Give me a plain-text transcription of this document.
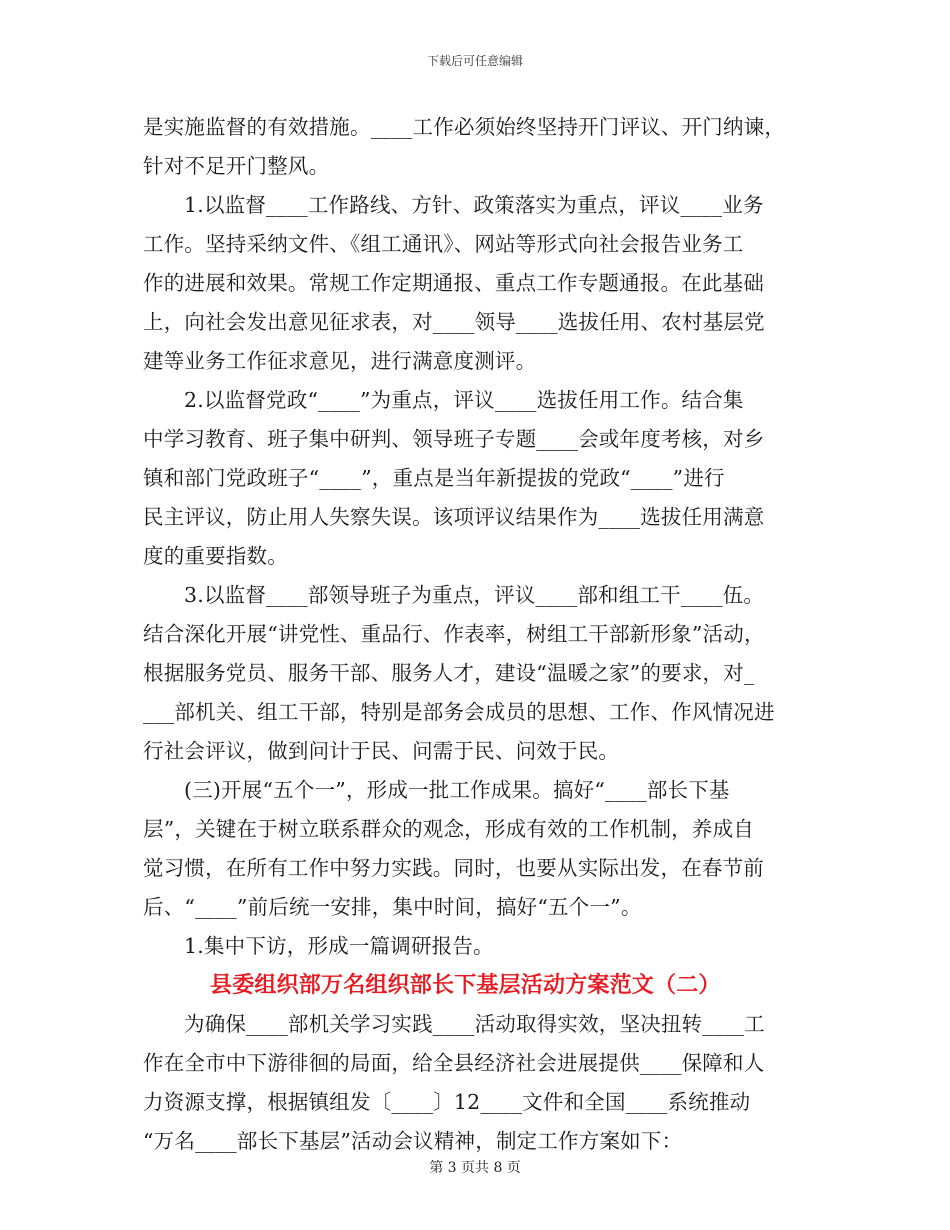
下载后可任意编辑
是实施监督的有效措施。____工作必须始终坚持开门评议、开门纳谏，
针对不足开门整风。
1.以监督____工作路线、方针、政策落实为重点，评议____业务
工作。坚持采纳文件、《组工通讯》、网站等形式向社会报告业务工
作的进展和效果。常规工作定期通报、重点工作专题通报。在此基础
上，向社会发出意见征求表，对____领导____选拔任用、农村基层党
建等业务工作征求意见，进行满意度测评。
2.以监督党政“____”为重点，评议____选拔任用工作。结合集
中学习教育、班子集中研判、领导班子专题____会或年度考核，对乡
镇和部门党政班子“____”，重点是当年新提拔的党政“____”进行
民主评议，防止用人失察失误。该项评议结果作为____选拔任用满意
度的重要指数。
3.以监督____部领导班子为重点，评议____部和组工干____伍。
结合深化开展“讲党性、重品行、作表率，树组工干部新形象”活动，
根据服务党员、服务干部、服务人才，建设“温暖之家”的要求，对_
___部机关、组工干部，特别是部务会成员的思想、工作、作风情况进
行社会评议，做到问计于民、问需于民、问效于民。
(三)开展“五个一”，形成一批工作成果。搞好“____部长下基
层”，关键在于树立联系群众的观念，形成有效的工作机制，养成自
觉习惯，在所有工作中努力实践。同时，也要从实际出发，在春节前
后、“____”前后统一安排，集中时间，搞好“五个一”。
1.集中下访，形成一篇调研报告。
县委组织部万名组织部长下基层活动方案范文（二）
为确保____部机关学习实践____活动取得实效，坚决扭转____工
作在全市中下游徘徊的局面，给全县经济社会进展提供____保障和人
力资源支撑，根据镇组发〔____〕12____文件和全国____系统推动
“万名____部长下基层”活动会议精神，制定工作方案如下：
第 3 页共 8 页
